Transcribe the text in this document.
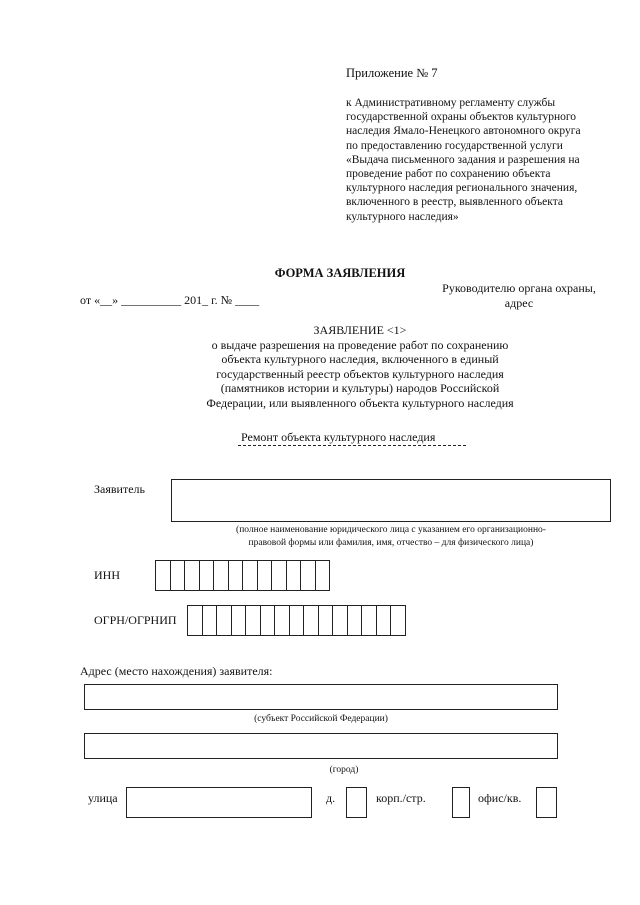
Приложение № 7
к Административному регламенту службы
государственной охраны объектов культурного
наследия Ямало-Ненецкого автономного округа
по предоставлению государственной услуги
«Выдача письменного задания и разрешения на
проведение работ по сохранению объекта
культурного наследия регионального значения,
включенного в реестр, выявленного объекта
культурного наследия»
ФОРМА ЗАЯВЛЕНИЯ
Руководителю органа охраны,
адрес
от «__» __________ 201_ г. № ____
ЗАЯВЛЕНИЕ <1>
о выдаче разрешения на проведение работ по сохранению
объекта культурного наследия, включенного в единый
государственный реестр объектов культурного наследия
(памятников истории и культуры) народов Российской
Федерации, или выявленного объекта культурного наследия
Ремонт объекта культурного наследия
Заявитель
(полное наименование юридического лица с указанием его организационно-
правовой формы или фамилия, имя, отчество – для физического лица)
ИНН
ОГРН/ОГРНИП
Адрес (место нахождения) заявителя:
(субъект Российской Федерации)
(город)
улица	д.	корп./стр.	офис/кв.
